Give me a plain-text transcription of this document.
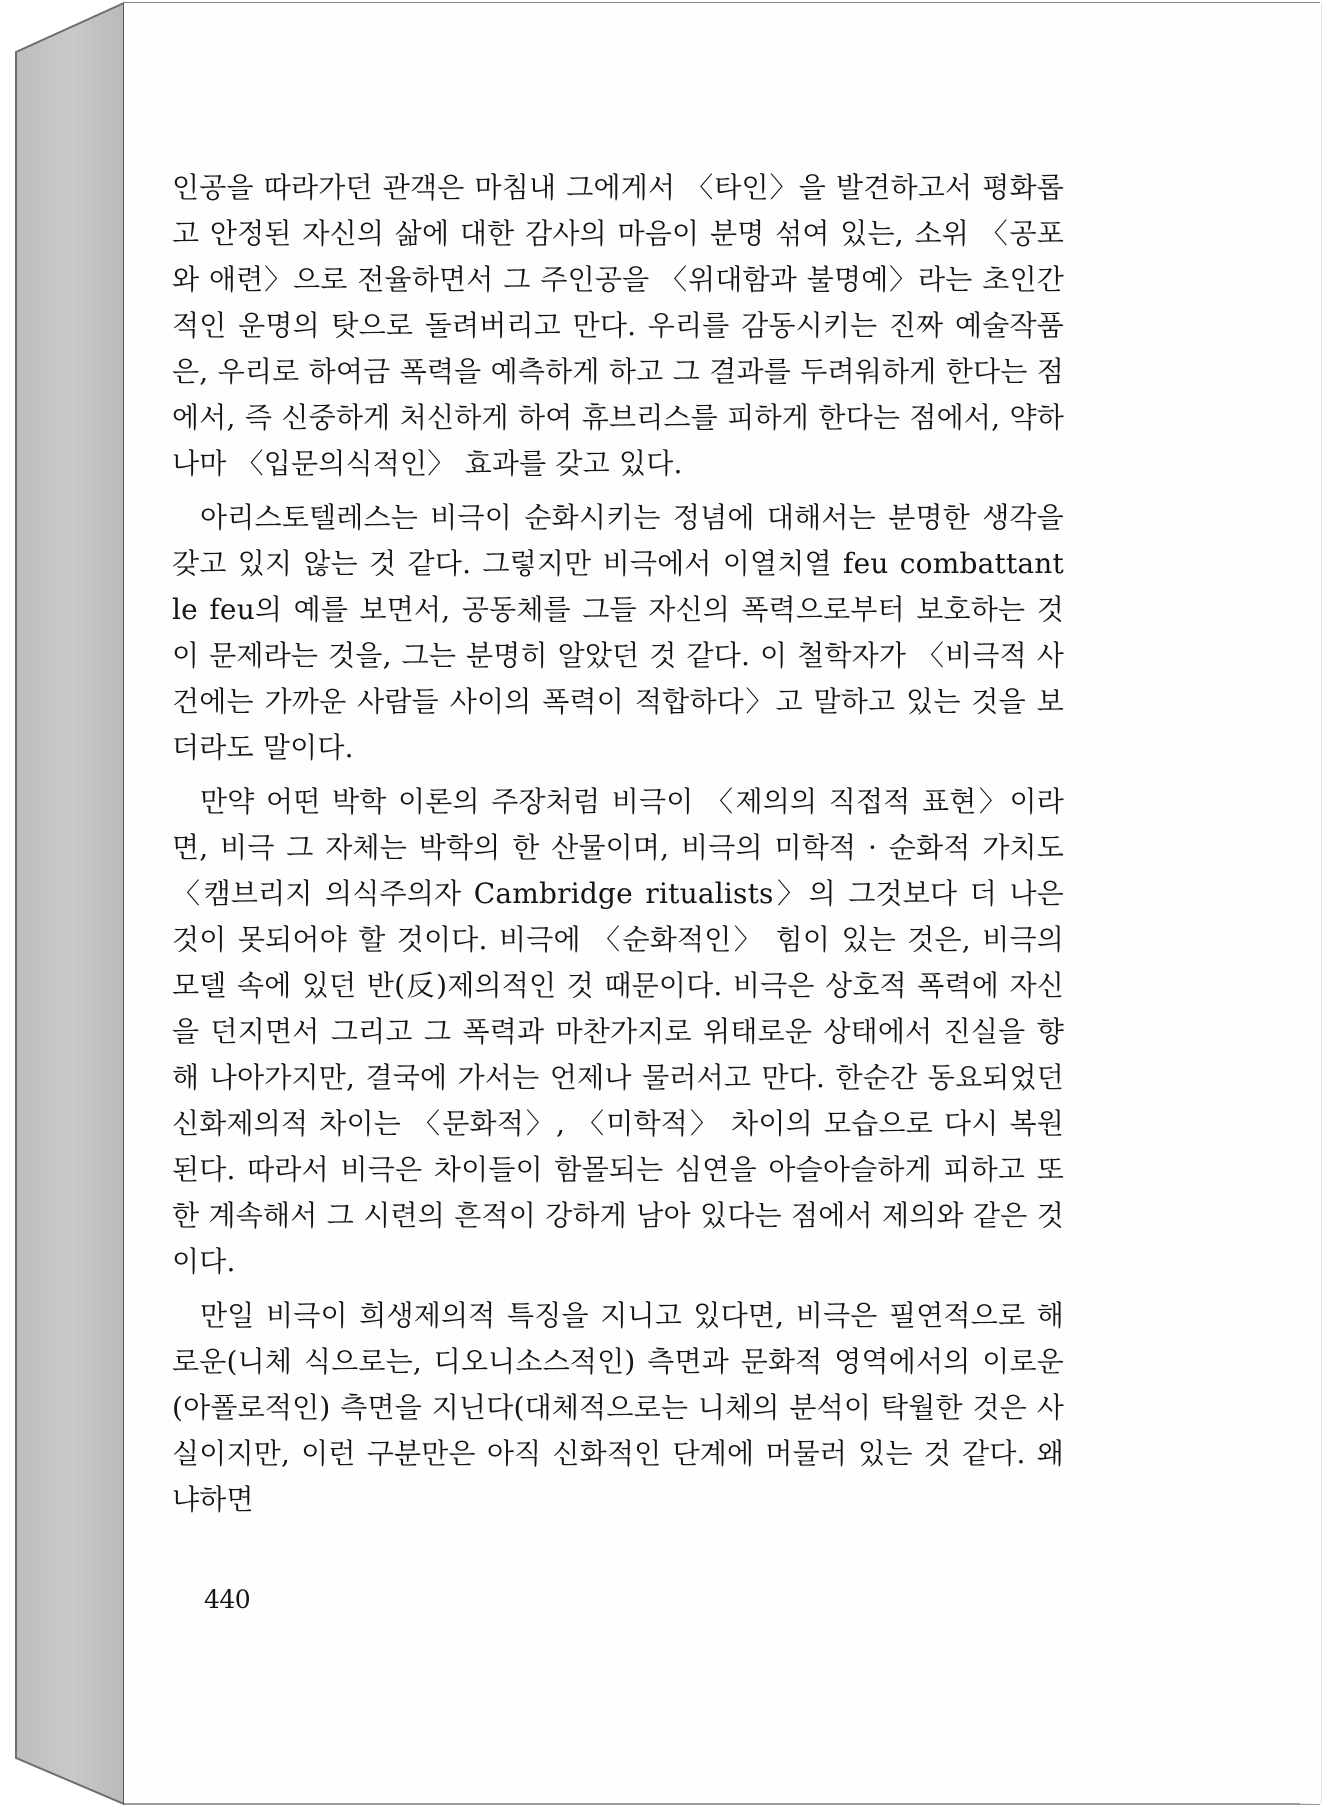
인공을 따라가던 관객은 마침내 그에게서 〈타인〉을 발견하고서 평화롭고 안정된 자신의 삶에 대한 감사의 마음이 분명 섞여 있는, 소위 〈공포와 애련〉으로 전율하면서 그 주인공을 〈위대함과 불명예〉라는 초인간적인 운명의 탓으로 돌려버리고 만다. 우리를 감동시키는 진짜 예술작품은, 우리로 하여금 폭력을 예측하게 하고 그 결과를 두려워하게 한다는 점에서, 즉 신중하게 처신하게 하여 휴브리스를 피하게 한다는 점에서, 약하나마 〈입문의식적인〉 효과를 갖고 있다.

아리스토텔레스는 비극이 순화시키는 정념에 대해서는 분명한 생각을 갖고 있지 않는 것 같다. 그렇지만 비극에서 이열치열 feu combattant le feu의 예를 보면서, 공동체를 그들 자신의 폭력으로부터 보호하는 것이 문제라는 것을, 그는 분명히 알았던 것 같다. 이 철학자가 〈비극적 사건에는 가까운 사람들 사이의 폭력이 적합하다〉고 말하고 있는 것을 보더라도 말이다.

만약 어떤 박학 이론의 주장처럼 비극이 〈제의의 직접적 표현〉이라면, 비극 그 자체는 박학의 한 산물이며, 비극의 미학적 · 순화적 가치도 〈캠브리지 의식주의자 Cambridge ritualists〉의 그것보다 더 나은 것이 못되어야 할 것이다. 비극에 〈순화적인〉 힘이 있는 것은, 비극의 모델 속에 있던 반(反)제의적인 것 때문이다. 비극은 상호적 폭력에 자신을 던지면서 그리고 그 폭력과 마찬가지로 위태로운 상태에서 진실을 향해 나아가지만, 결국에 가서는 언제나 물러서고 만다. 한순간 동요되었던 신화제의적 차이는 〈문화적〉, 〈미학적〉 차이의 모습으로 다시 복원된다. 따라서 비극은 차이들이 함몰되는 심연을 아슬아슬하게 피하고 또한 계속해서 그 시련의 흔적이 강하게 남아 있다는 점에서 제의와 같은 것이다.

만일 비극이 희생제의적 특징을 지니고 있다면, 비극은 필연적으로 해로운(니체 식으로는, 디오니소스적인) 측면과 문화적 영역에서의 이로운(아폴로적인) 측면을 지닌다(대체적으로는 니체의 분석이 탁월한 것은 사실이지만, 이런 구분만은 아직 신화적인 단계에 머물러 있는 것 같다. 왜냐하면

440
